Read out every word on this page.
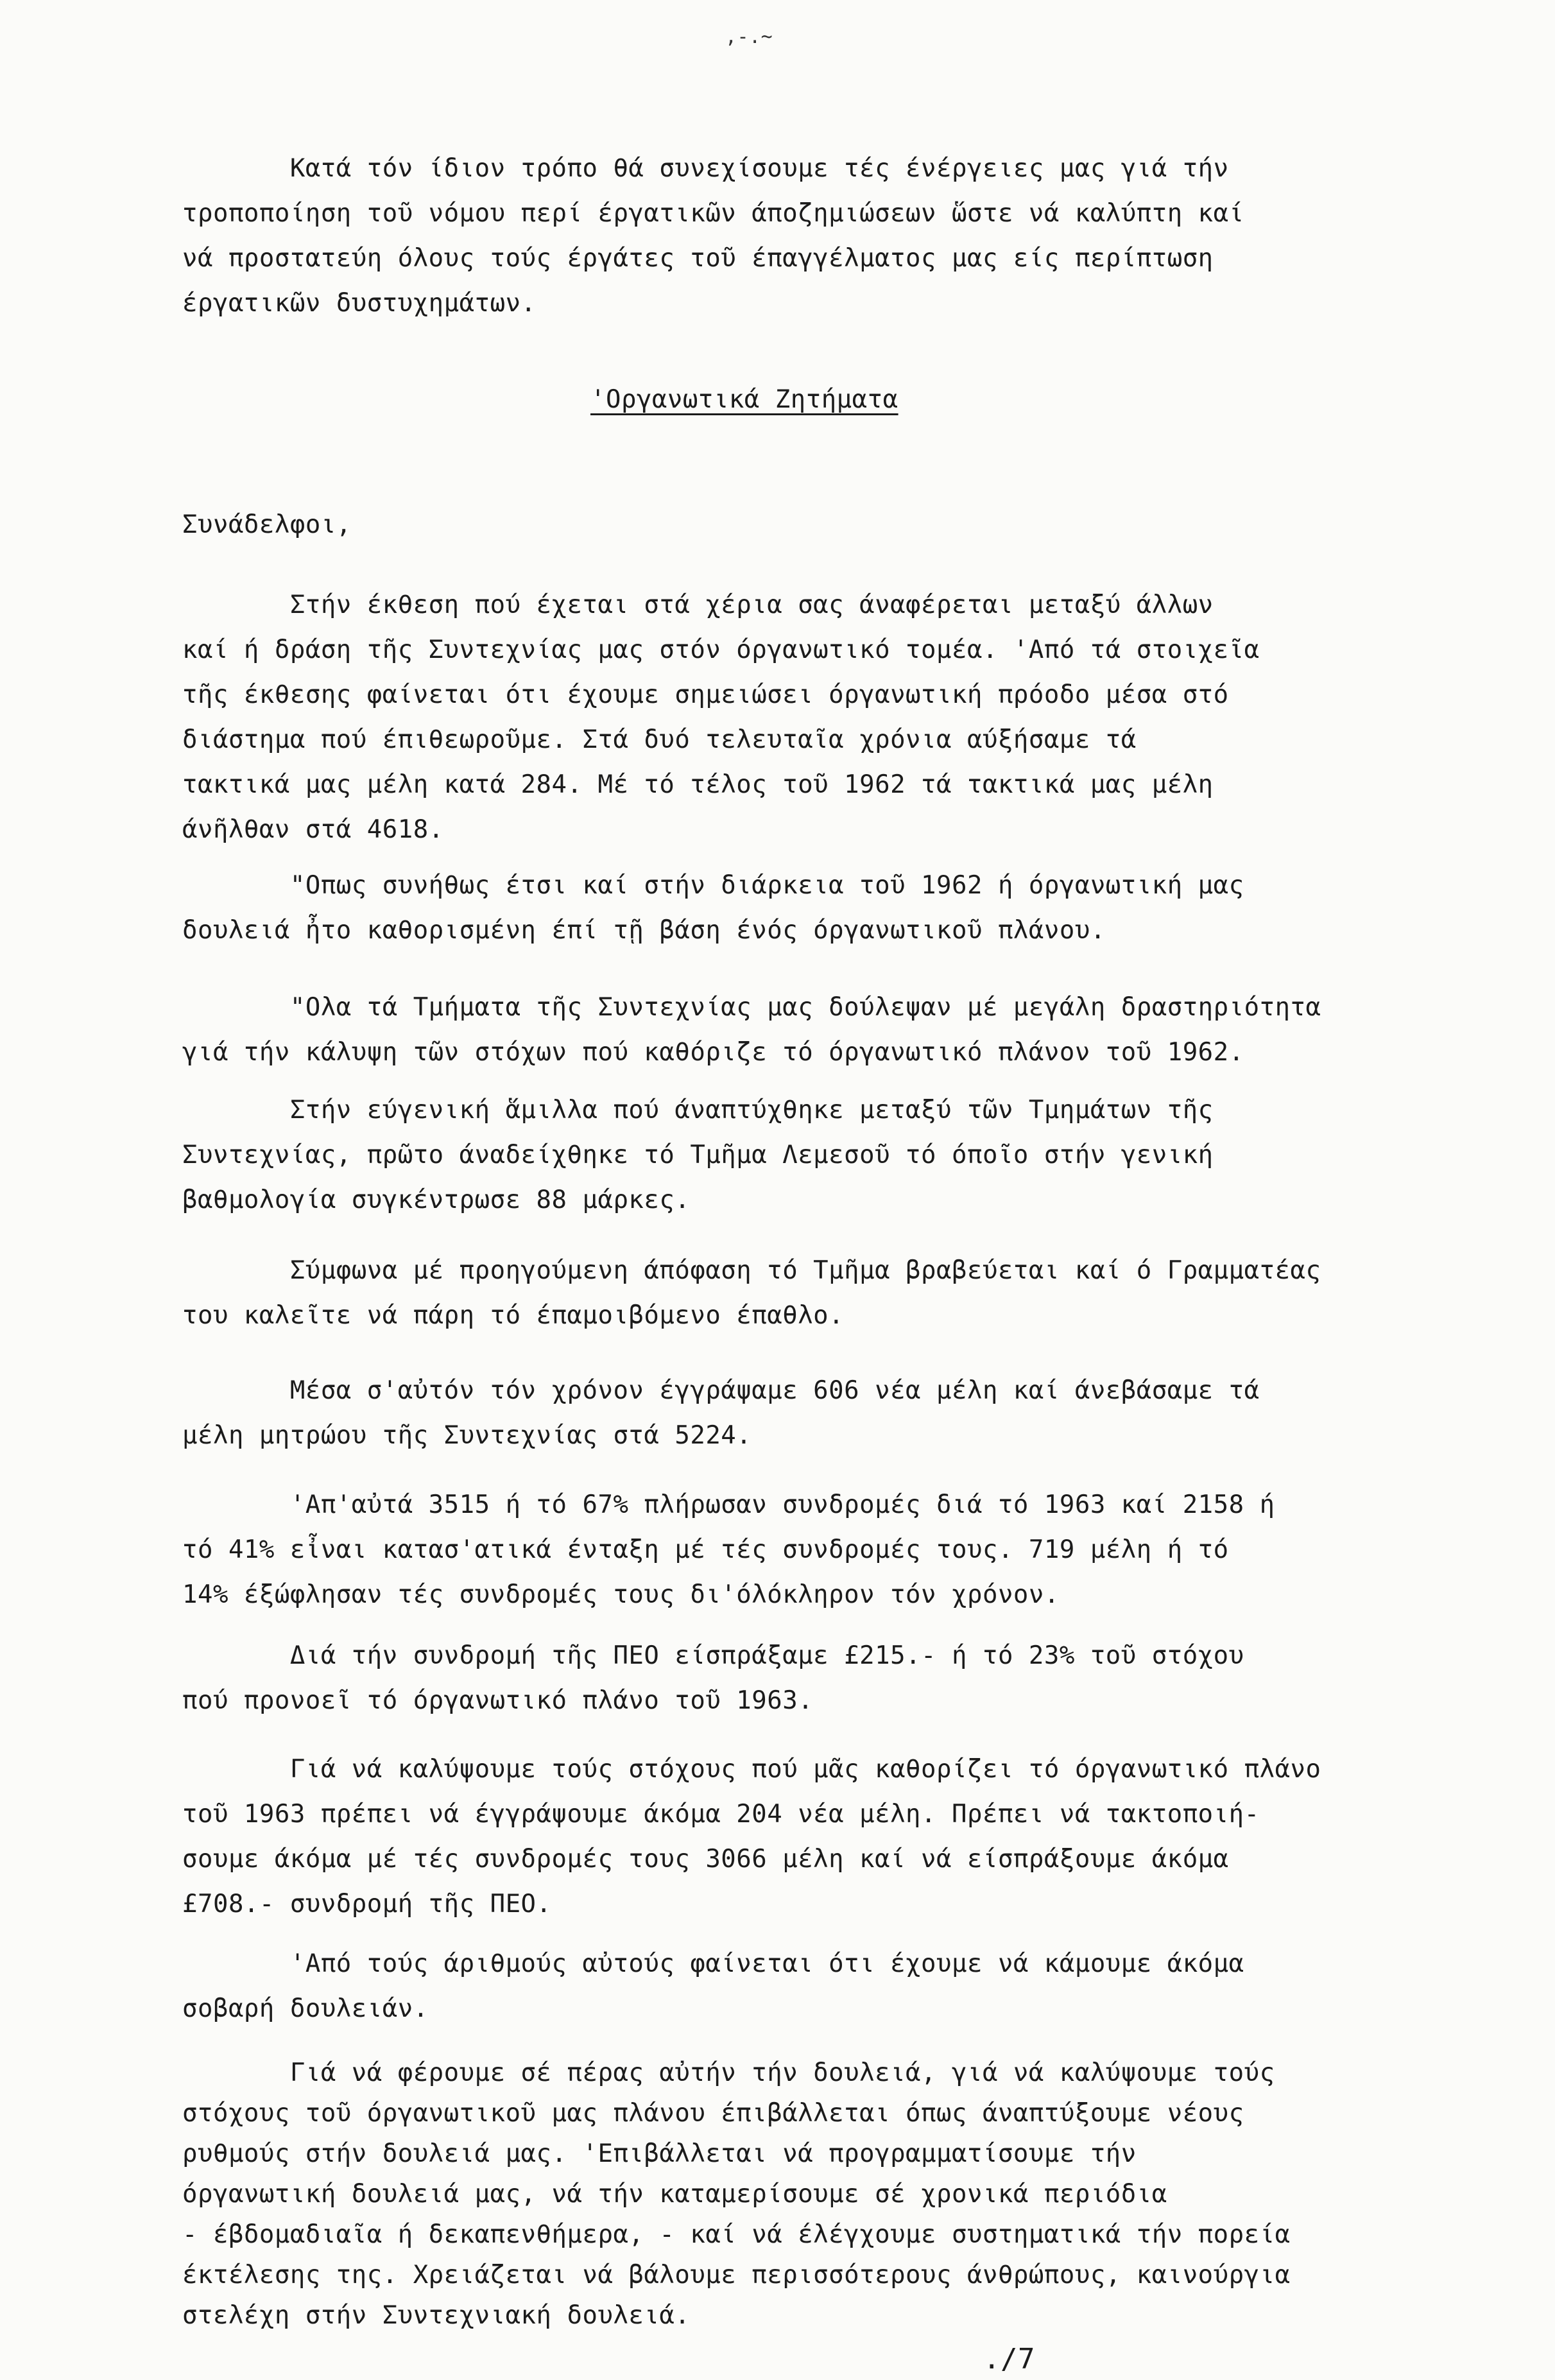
,-.~

Κατά τόν ίδιον τρόπο θά συνεχίσουμε τές ένέργειες μας γιά τήν

τροποποίηση τοῦ νόμου περί έργατικῶν άποζημιώσεων ὥστε νά καλύπτη καί

νά προστατεύη όλους τούς έργάτες τοῦ έπαγγέλματος μας είς περίπτωση

έργατικῶν δυστυχημάτων.

'Οργανωτικά Ζητήματα
Συνάδελφοι,

Στήν έκθεση πού έχεται στά χέρια σας άναφέρεται μεταξύ άλλων

καί ή δράση τῆς Συντεχνίας μας στόν όργανωτικό τομέα. 'Από τά στοιχεῖα

τῆς έκθεσης φαίνεται ότι έχουμε σημειώσει όργανωτική πρόοδο μέσα στό

διάστημα πού έπιθεωροῦμε. Στά δυό τελευταῖα χρόνια αύξήσαμε τά

τακτικά μας μέλη κατά 284. Μέ τό τέλος τοῦ 1962 τά τακτικά μας μέλη

άνῆλθαν στά 4618.

"Οπως συνήθως έτσι καί στήν διάρκεια τοῦ 1962 ή όργανωτική μας

δουλειά ἦτο καθορισμένη έπί τῇ βάση ένός όργανωτικοῦ πλάνου.

"Ολα τά Τμήματα τῆς Συντεχνίας μας δούλεψαν μέ μεγάλη δραστηριότητα

γιά τήν κάλυψη τῶν στόχων πού καθόριζε τό όργανωτικό πλάνον τοῦ 1962.

Στήν εύγενική ἅμιλλα πού άναπτύχθηκε μεταξύ τῶν Τμημάτων τῆς

Συντεχνίας, πρῶτο άναδείχθηκε τό Τμῆμα Λεμεσοῦ τό όποῖο στήν γενική

βαθμολογία συγκέντρωσε 88 μάρκες.

Σύμφωνα μέ προηγούμενη άπόφαση τό Τμῆμα βραβεύεται καί ό Γραμματέας

του καλεῖτε νά πάρη τό έπαμοιβόμενο έπαθλο.

Μέσα σ'αὐτόν τόν χρόνον έγγράψαμε 606 νέα μέλη καί άνεβάσαμε τά

μέλη μητρώου τῆς Συντεχνίας στά 5224.

'Απ'αὐτά 3515 ή τό 67% πλήρωσαν συνδρομές διά τό 1963 καί 2158 ή

τό 41% εἶναι κατασ'ατικά ένταξη μέ τές συνδρομές τους. 719 μέλη ή τό

14% έξώφλησαν τές συνδρομές τους δι'όλόκληρον τόν χρόνον.

Διά τήν συνδρομή τῆς ΠΕΟ είσπράξαμε £215.- ή τό 23% τοῦ στόχου

πού προνοεῖ τό όργανωτικό πλάνο τοῦ 1963.

Γιά νά καλύψουμε τούς στόχους πού μᾶς καθορίζει τό όργανωτικό πλάνο

τοῦ 1963 πρέπει νά έγγράψουμε άκόμα 204 νέα μέλη. Πρέπει νά τακτοποιή-

σουμε άκόμα μέ τές συνδρομές τους 3066 μέλη καί νά είσπράξουμε άκόμα

£708.- συνδρομή τῆς ΠΕΟ.

'Από τούς άριθμούς αὐτούς φαίνεται ότι έχουμε νά κάμουμε άκόμα

σοβαρή δουλειάν.

Γιά νά φέρουμε σέ πέρας αὐτήν τήν δουλειά, γιά νά καλύψουμε τούς

στόχους τοῦ όργανωτικοῦ μας πλάνου έπιβάλλεται όπως άναπτύξουμε νέους

ρυθμούς στήν δουλειά μας. 'Επιβάλλεται νά προγραμματίσουμε τήν

όργανωτική δουλειά μας, νά τήν καταμερίσουμε σέ χρονικά περιόδια

- έβδομαδιαῖα ή δεκαπενθήμερα, - καί νά έλέγχουμε συστηματικά τήν πορεία

έκτέλεσης της. Χρειάζεται νά βάλουμε περισσότερους άνθρώπους, καινούργια

στελέχη στήν Συντεχνιακή δουλειά.

./7
